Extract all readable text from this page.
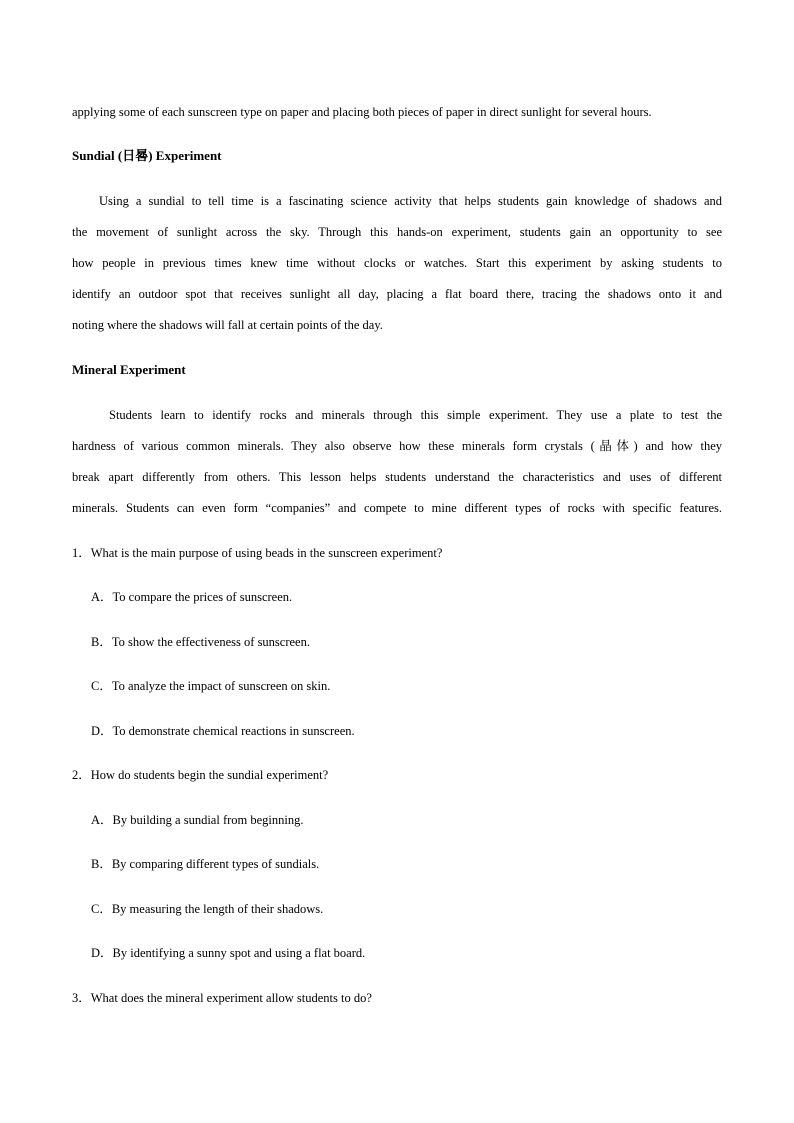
applying some of each sunscreen type on paper and placing both pieces of paper in direct sunlight for several hours.
Sundial (日晷) Experiment
Using a sundial to tell time is a fascinating science activity that helps students gain knowledge of shadows and
the movement of sunlight across the sky. Through this hands-on experiment, students gain an opportunity to see
how people in previous times knew time without clocks or watches. Start this experiment by asking students to
identify an outdoor spot that receives sunlight all day, placing a flat board there, tracing the shadows onto it and
noting where the shadows will fall at certain points of the day.
Mineral Experiment
Students learn to identify rocks and minerals through this simple experiment. They use a plate to test the
hardness of various common minerals. They also observe how these minerals form crystals (晶体) and how they
break apart differently from others. This lesson helps students understand the characteristics and uses of different
minerals. Students can even form “companies” and compete to mine different types of rocks with specific features.
1．What is the main purpose of using beads in the sunscreen experiment?
A．To compare the prices of sunscreen.
B．To show the effectiveness of sunscreen.
C．To analyze the impact of sunscreen on skin.
D．To demonstrate chemical reactions in sunscreen.
2．How do students begin the sundial experiment?
A．By building a sundial from beginning.
B．By comparing different types of sundials.
C．By measuring the length of their shadows.
D．By identifying a sunny spot and using a flat board.
3．What does the mineral experiment allow students to do?
